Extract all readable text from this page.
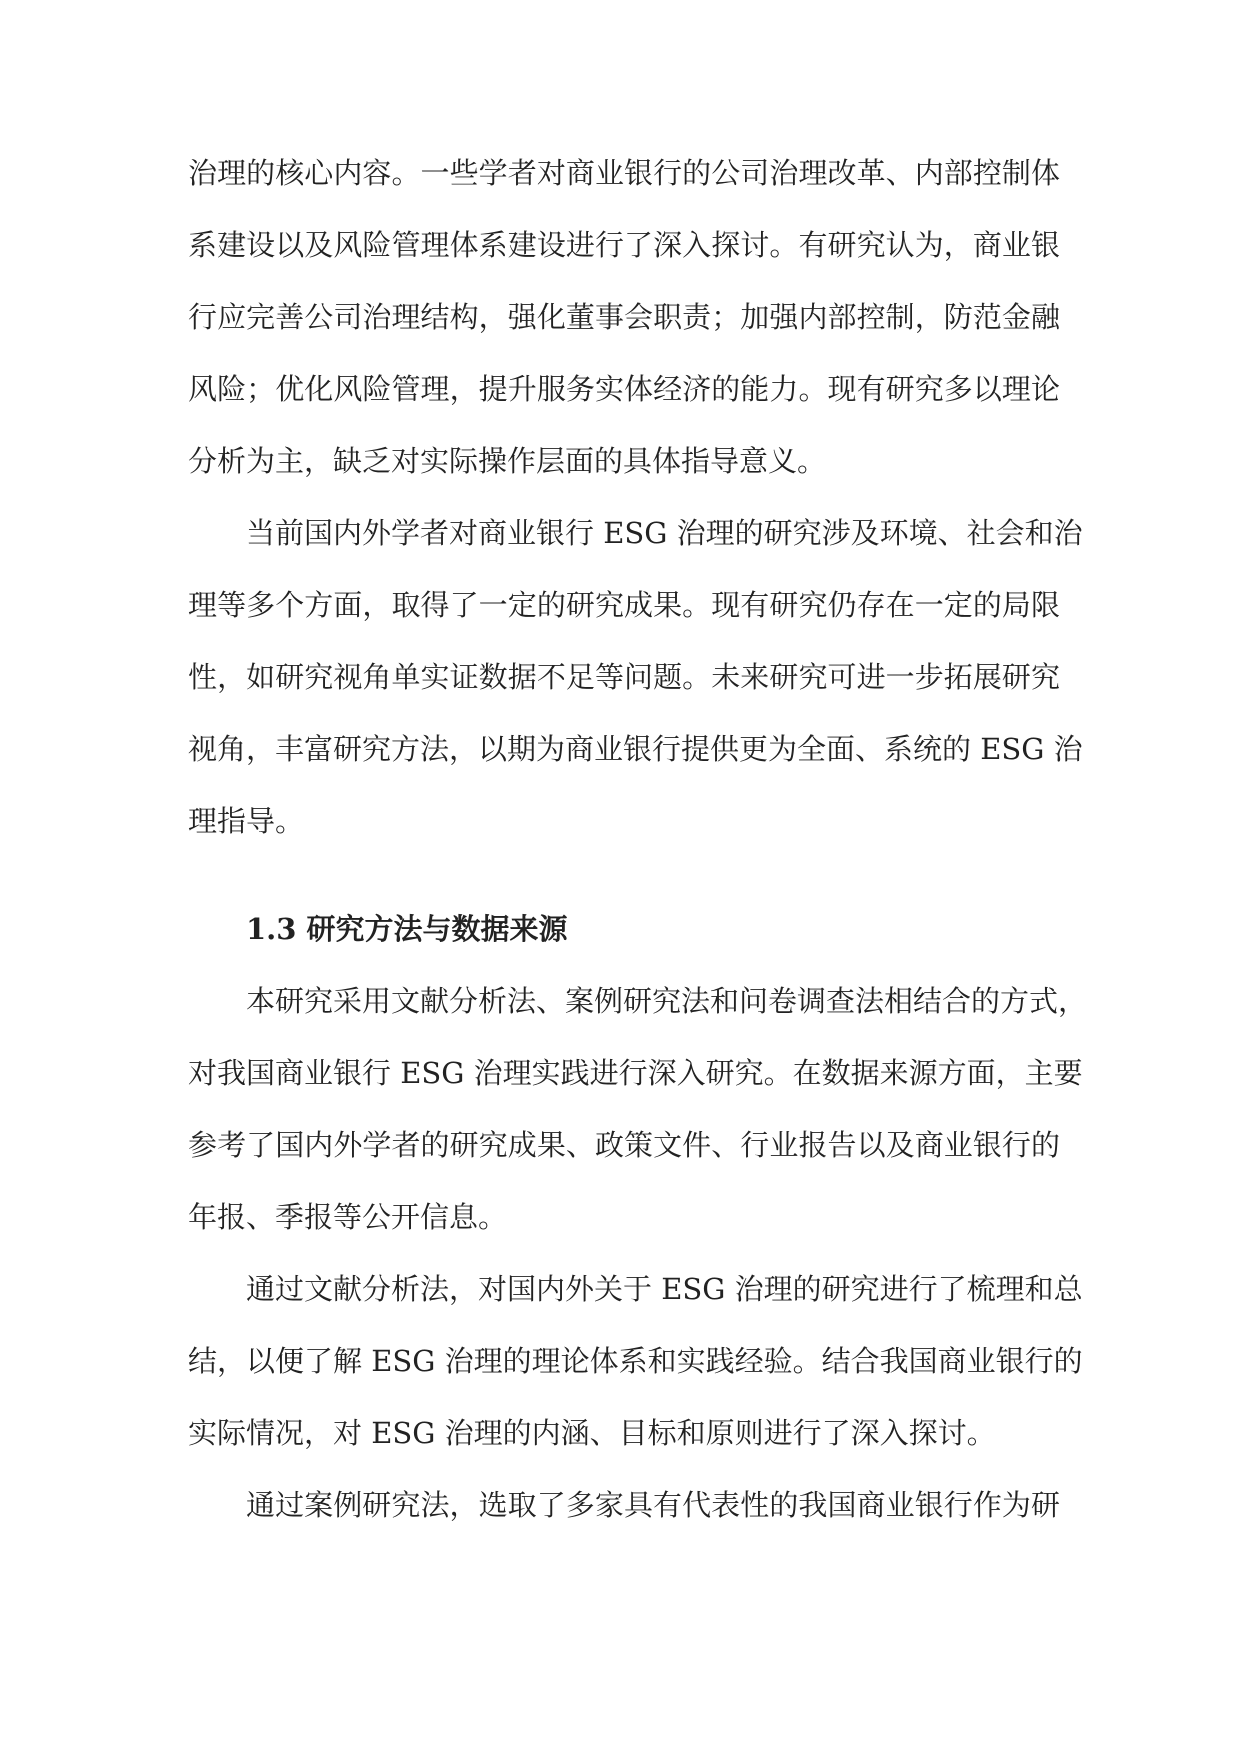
治理的核心内容。一些学者对商业银行的公司治理改革、内部控制体
系建设以及风险管理体系建设进行了深入探讨。有研究认为，商业银
行应完善公司治理结构，强化董事会职责；加强内部控制，防范金融
风险；优化风险管理，提升服务实体经济的能力。现有研究多以理论
分析为主，缺乏对实际操作层面的具体指导意义。
当前国内外学者对商业银行 ESG 治理的研究涉及环境、社会和治
理等多个方面，取得了一定的研究成果。现有研究仍存在一定的局限
性，如研究视角单实证数据不足等问题。未来研究可进一步拓展研究
视角，丰富研究方法，以期为商业银行提供更为全面、系统的 ESG 治
理指导。
1.3 研究方法与数据来源
本研究采用文献分析法、案例研究法和问卷调查法相结合的方式，
对我国商业银行 ESG 治理实践进行深入研究。在数据来源方面，主要
参考了国内外学者的研究成果、政策文件、行业报告以及商业银行的
年报、季报等公开信息。
通过文献分析法，对国内外关于 ESG 治理的研究进行了梳理和总
结，以便了解 ESG 治理的理论体系和实践经验。结合我国商业银行的
实际情况，对 ESG 治理的内涵、目标和原则进行了深入探讨。
通过案例研究法，选取了多家具有代表性的我国商业银行作为研
